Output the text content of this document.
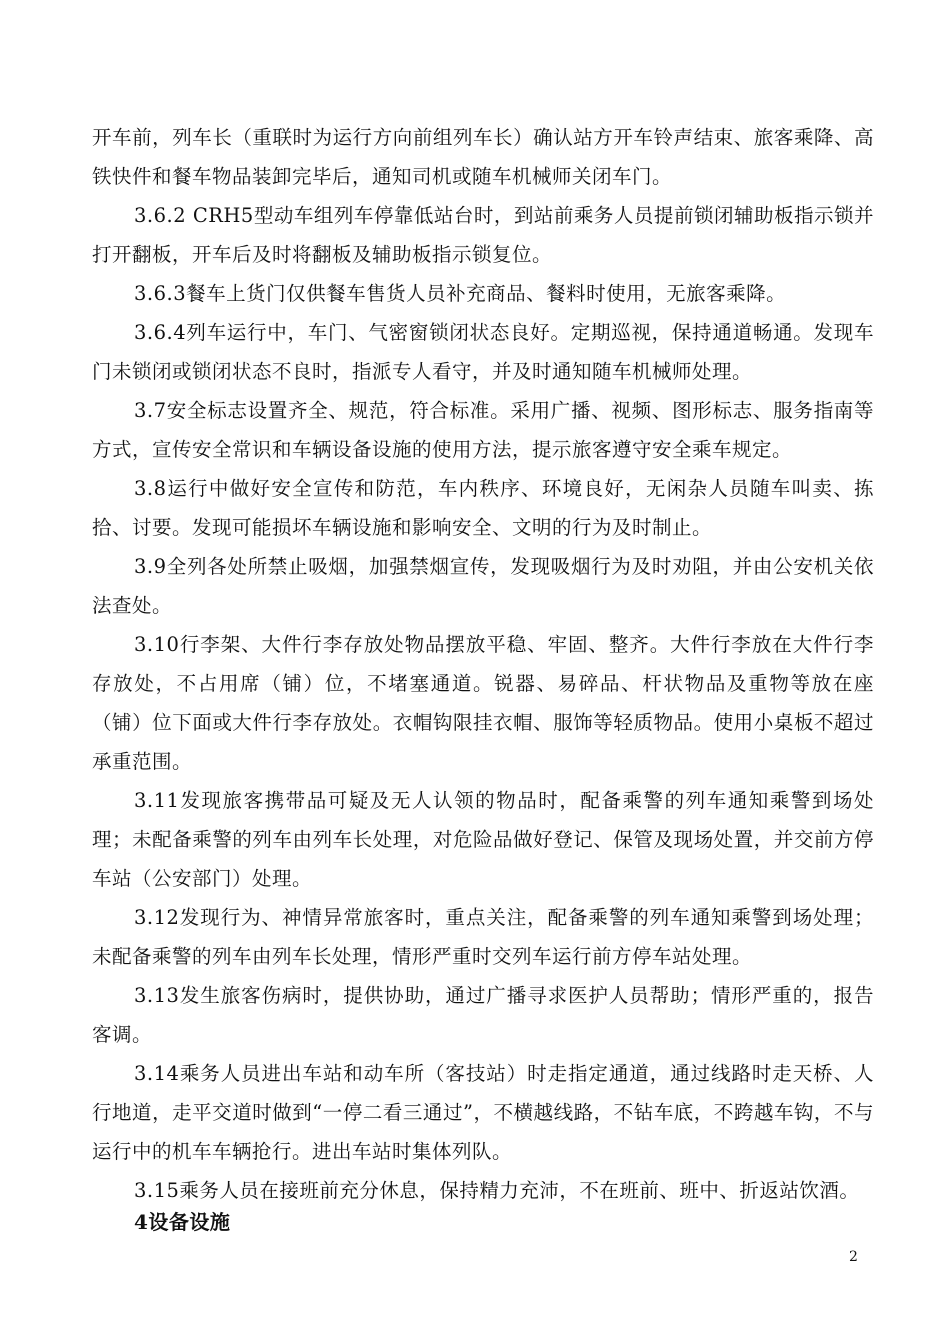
开车前，列车长（重联时为运行方向前组列车长）确认站方开车铃声结束、旅客乘降、高铁快件和餐车物品装卸完毕后，通知司机或随车机械师关闭车门。

3.6.2 CRH5型动车组列车停靠低站台时，到站前乘务人员提前锁闭辅助板指示锁并打开翻板，开车后及时将翻板及辅助板指示锁复位。

3.6.3餐车上货门仅供餐车售货人员补充商品、餐料时使用，无旅客乘降。

3.6.4列车运行中，车门、气密窗锁闭状态良好。定期巡视，保持通道畅通。发现车门未锁闭或锁闭状态不良时，指派专人看守，并及时通知随车机械师处理。

3.7安全标志设置齐全、规范，符合标准。采用广播、视频、图形标志、服务指南等方式，宣传安全常识和车辆设备设施的使用方法，提示旅客遵守安全乘车规定。

3.8运行中做好安全宣传和防范，车内秩序、环境良好，无闲杂人员随车叫卖、拣拾、讨要。发现可能损坏车辆设施和影响安全、文明的行为及时制止。

3.9全列各处所禁止吸烟，加强禁烟宣传，发现吸烟行为及时劝阻，并由公安机关依法查处。

3.10行李架、大件行李存放处物品摆放平稳、牢固、整齐。大件行李放在大件行李存放处，不占用席（铺）位，不堵塞通道。锐器、易碎品、杆状物品及重物等放在座（铺）位下面或大件行李存放处。衣帽钩限挂衣帽、服饰等轻质物品。使用小桌板不超过承重范围。

3.11发现旅客携带品可疑及无人认领的物品时，配备乘警的列车通知乘警到场处理；未配备乘警的列车由列车长处理，对危险品做好登记、保管及现场处置，并交前方停车站（公安部门）处理。

3.12发现行为、神情异常旅客时，重点关注，配备乘警的列车通知乘警到场处理；未配备乘警的列车由列车长处理，情形严重时交列车运行前方停车站处理。

3.13发生旅客伤病时，提供协助，通过广播寻求医护人员帮助；情形严重的，报告客调。

3.14乘务人员进出车站和动车所（客技站）时走指定通道，通过线路时走天桥、人行地道，走平交道时做到“一停二看三通过”，不横越线路，不钻车底，不跨越车钩，不与运行中的机车车辆抢行。进出车站时集体列队。

3.15乘务人员在接班前充分休息，保持精力充沛，不在班前、班中、折返站饮酒。

4设备设施
2
